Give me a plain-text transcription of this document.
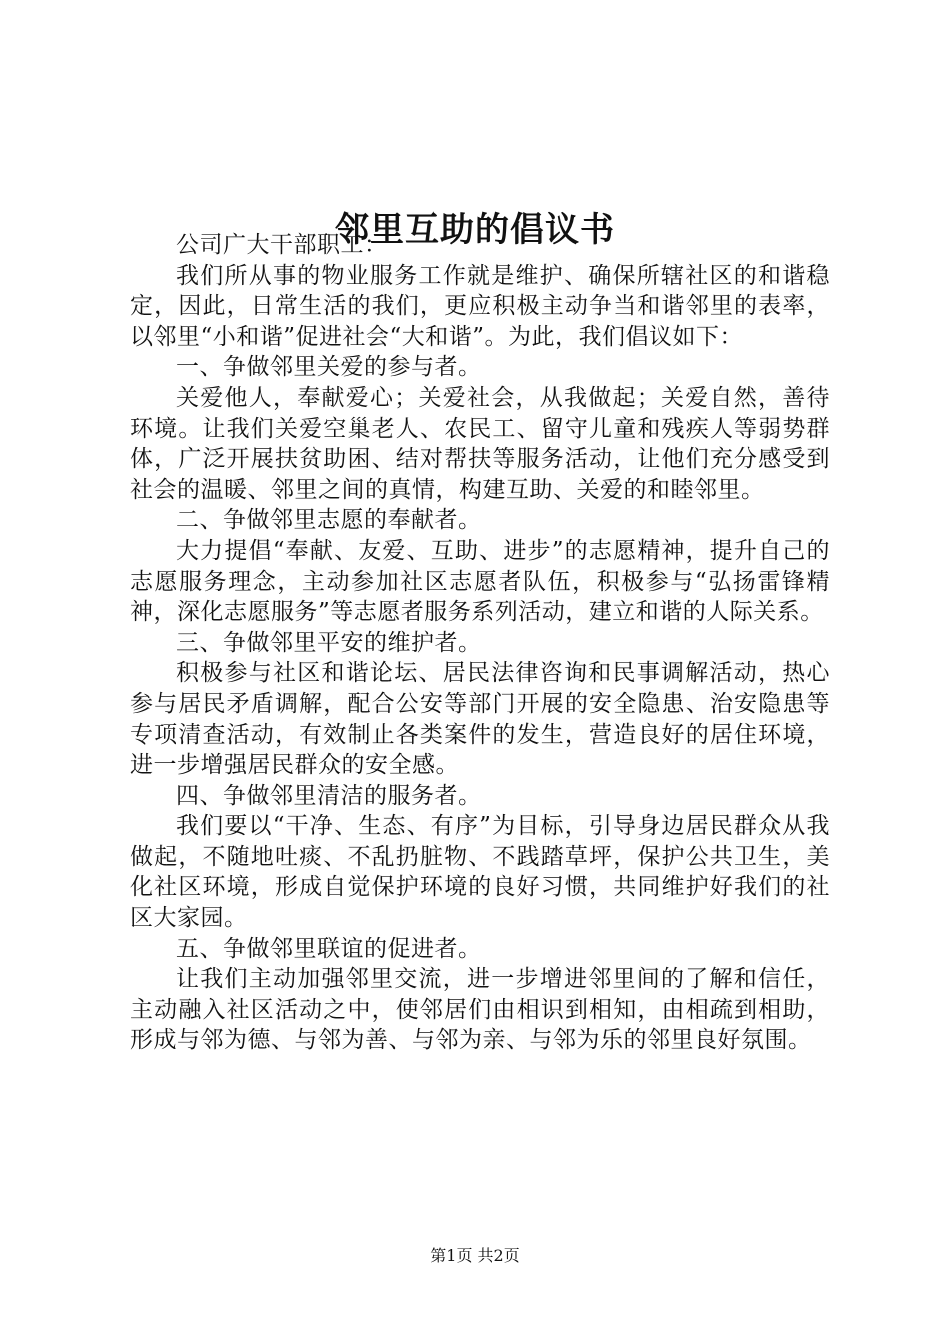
邻里互助的倡议书

公司广大干部职工：

我们所从事的物业服务工作就是维护、确保所辖社区的和谐稳定，因此，日常生活的我们，更应积极主动争当和谐邻里的表率，以邻里“小和谐”促进社会“大和谐”。为此，我们倡议如下：

一、争做邻里关爱的参与者。

关爱他人，奉献爱心；关爱社会，从我做起；关爱自然，善待环境。让我们关爱空巢老人、农民工、留守儿童和残疾人等弱势群体，广泛开展扶贫助困、结对帮扶等服务活动，让他们充分感受到社会的温暖、邻里之间的真情，构建互助、关爱的和睦邻里。

二、争做邻里志愿的奉献者。

大力提倡“奉献、友爱、互助、进步”的志愿精神，提升自己的志愿服务理念，主动参加社区志愿者队伍，积极参与“弘扬雷锋精神，深化志愿服务”等志愿者服务系列活动，建立和谐的人际关系。

三、争做邻里平安的维护者。

积极参与社区和谐论坛、居民法律咨询和民事调解活动，热心参与居民矛盾调解，配合公安等部门开展的安全隐患、治安隐患等专项清查活动，有效制止各类案件的发生，营造良好的居住环境，进一步增强居民群众的安全感。

四、争做邻里清洁的服务者。

我们要以“干净、生态、有序”为目标，引导身边居民群众从我做起，不随地吐痰、不乱扔脏物、不践踏草坪，保护公共卫生，美化社区环境，形成自觉保护环境的良好习惯，共同维护好我们的社区大家园。

五、争做邻里联谊的促进者。

让我们主动加强邻里交流，进一步增进邻里间的了解和信任，主动融入社区活动之中，使邻居们由相识到相知，由相疏到相助，形成与邻为德、与邻为善、与邻为亲、与邻为乐的邻里良好氛围。

第1页 共2页
